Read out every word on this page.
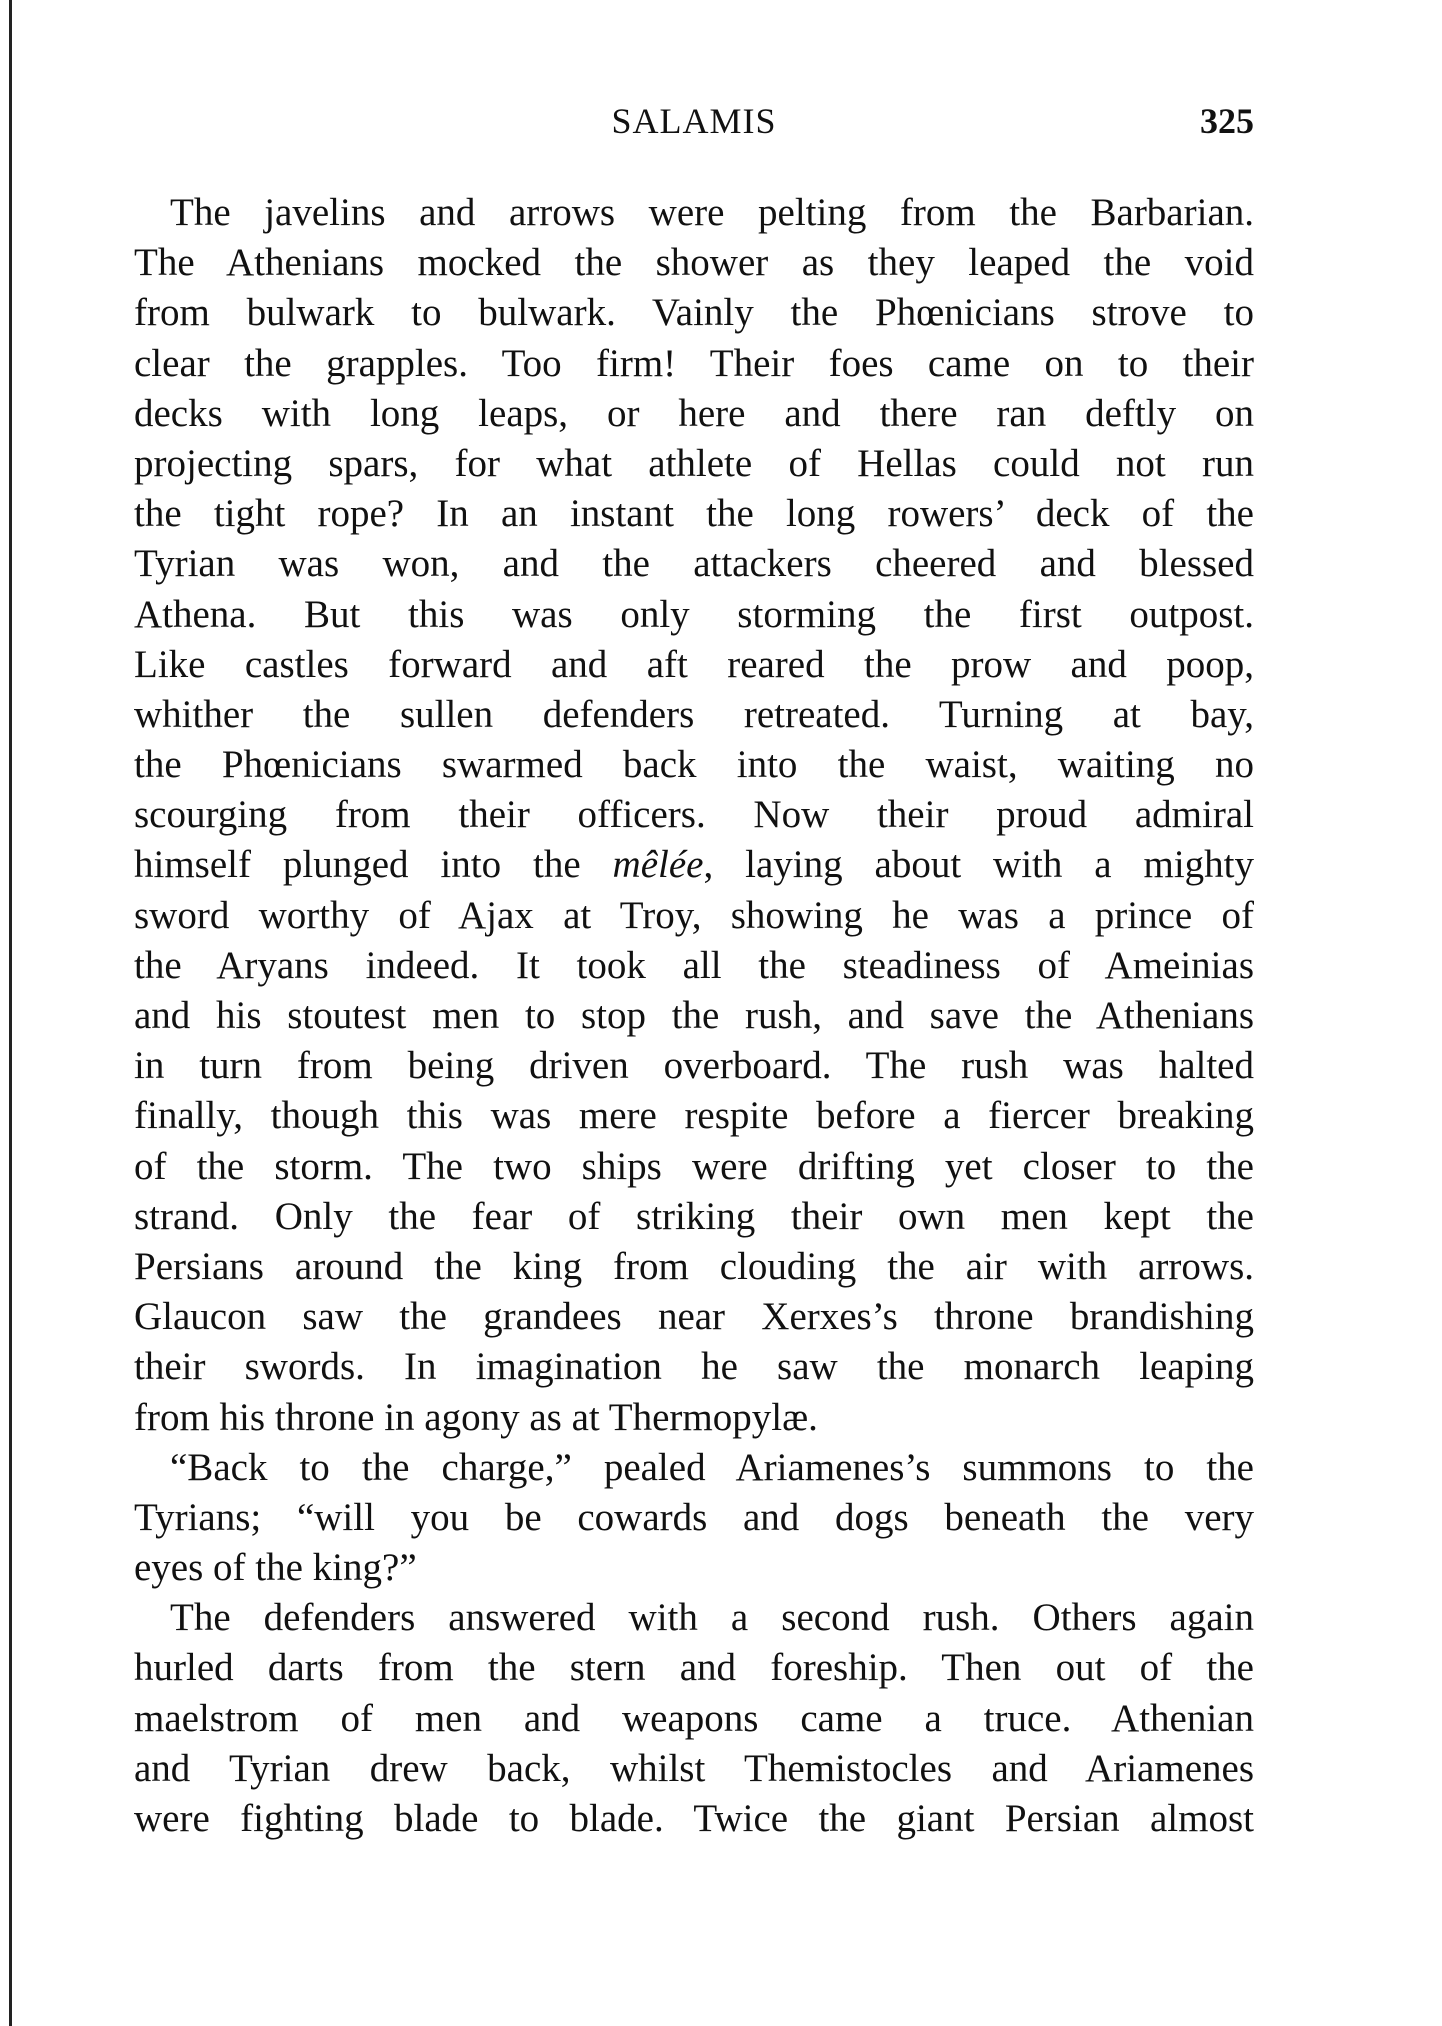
SALAMIS	325
The javelins and arrows were pelting from the Barbarian.
The Athenians mocked the shower as they leaped the void
from bulwark to bulwark. Vainly the Phœnicians strove to
clear the grapples. Too firm! Their foes came on to their
decks with long leaps, or here and there ran deftly on
projecting spars, for what athlete of Hellas could not run
the tight rope? In an instant the long rowers’ deck of the
Tyrian was won, and the attackers cheered and blessed
Athena. But this was only storming the first outpost.
Like castles forward and aft reared the prow and poop,
whither the sullen defenders retreated. Turning at bay,
the Phœnicians swarmed back into the waist, waiting no
scourging from their officers. Now their proud admiral
himself plunged into the mêlée, laying about with a mighty
sword worthy of Ajax at Troy, showing he was a prince of
the Aryans indeed. It took all the steadiness of Ameinias
and his stoutest men to stop the rush, and save the Athenians
in turn from being driven overboard. The rush was halted
finally, though this was mere respite before a fiercer breaking
of the storm. The two ships were drifting yet closer to the
strand. Only the fear of striking their own men kept the
Persians around the king from clouding the air with arrows.
Glaucon saw the grandees near Xerxes’s throne brandishing
their swords. In imagination he saw the monarch leaping
from his throne in agony as at Thermopylæ.
“Back to the charge,” pealed Ariamenes’s summons to the
Tyrians; “will you be cowards and dogs beneath the very
eyes of the king?”
The defenders answered with a second rush. Others again
hurled darts from the stern and foreship. Then out of the
maelstrom of men and weapons came a truce. Athenian
and Tyrian drew back, whilst Themistocles and Ariamenes
were fighting blade to blade. Twice the giant Persian almost
